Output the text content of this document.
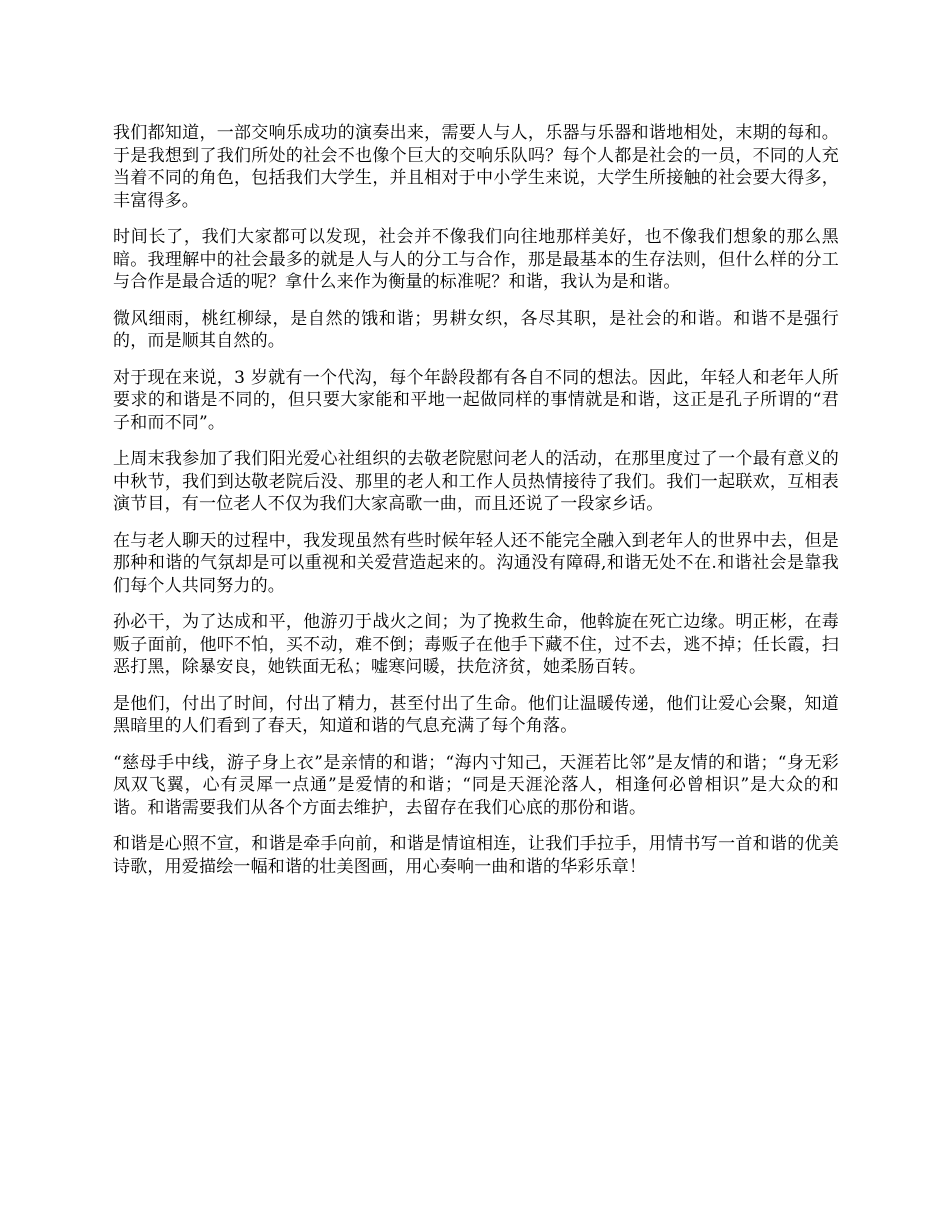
我们都知道，一部交响乐成功的演奏出来，需要人与人，乐器与乐器和谐地相处，末期的每和。于是我想到了我们所处的社会不也像个巨大的交响乐队吗？每个人都是社会的一员，不同的人充当着不同的角色，包括我们大学生，并且相对于中小学生来说，大学生所接触的社会要大得多，丰富得多。

时间长了，我们大家都可以发现，社会并不像我们向往地那样美好，也不像我们想象的那么黑暗。我理解中的社会最多的就是人与人的分工与合作，那是最基本的生存法则，但什么样的分工与合作是最合适的呢？拿什么来作为衡量的标准呢？和谐，我认为是和谐。

微风细雨，桃红柳绿，是自然的饿和谐；男耕女织，各尽其职，是社会的和谐。和谐不是强行的，而是顺其自然的。

对于现在来说，3 岁就有一个代沟，每个年龄段都有各自不同的想法。因此，年轻人和老年人所要求的和谐是不同的，但只要大家能和平地一起做同样的事情就是和谐，这正是孔子所谓的“君子和而不同”。

上周末我参加了我们阳光爱心社组织的去敬老院慰问老人的活动，在那里度过了一个最有意义的中秋节，我们到达敬老院后没、那里的老人和工作人员热情接待了我们。我们一起联欢，互相表演节目，有一位老人不仅为我们大家高歌一曲，而且还说了一段家乡话。

在与老人聊天的过程中，我发现虽然有些时候年轻人还不能完全融入到老年人的世界中去，但是那种和谐的气氛却是可以重视和关爱营造起来的。沟通没有障碍,和谐无处不在.和谐社会是靠我们每个人共同努力的。

孙必干，为了达成和平，他游刃于战火之间；为了挽救生命，他斡旋在死亡边缘。明正彬，在毒贩子面前，他吓不怕，买不动，难不倒；毒贩子在他手下藏不住，过不去，逃不掉；任长霞，扫恶打黑，除暴安良，她铁面无私；嘘寒问暖，扶危济贫，她柔肠百转。

是他们，付出了时间，付出了精力，甚至付出了生命。他们让温暖传递，他们让爱心会聚，知道黑暗里的人们看到了春天，知道和谐的气息充满了每个角落。

“慈母手中线，游子身上衣”是亲情的和谐；“海内寸知己，天涯若比邻”是友情的和谐；“身无彩凤双飞翼，心有灵犀一点通”是爱情的和谐；“同是天涯沦落人，相逢何必曾相识”是大众的和谐。和谐需要我们从各个方面去维护，去留存在我们心底的那份和谐。

和谐是心照不宣，和谐是牵手向前，和谐是情谊相连，让我们手拉手，用情书写一首和谐的优美诗歌，用爱描绘一幅和谐的壮美图画，用心奏响一曲和谐的华彩乐章！
